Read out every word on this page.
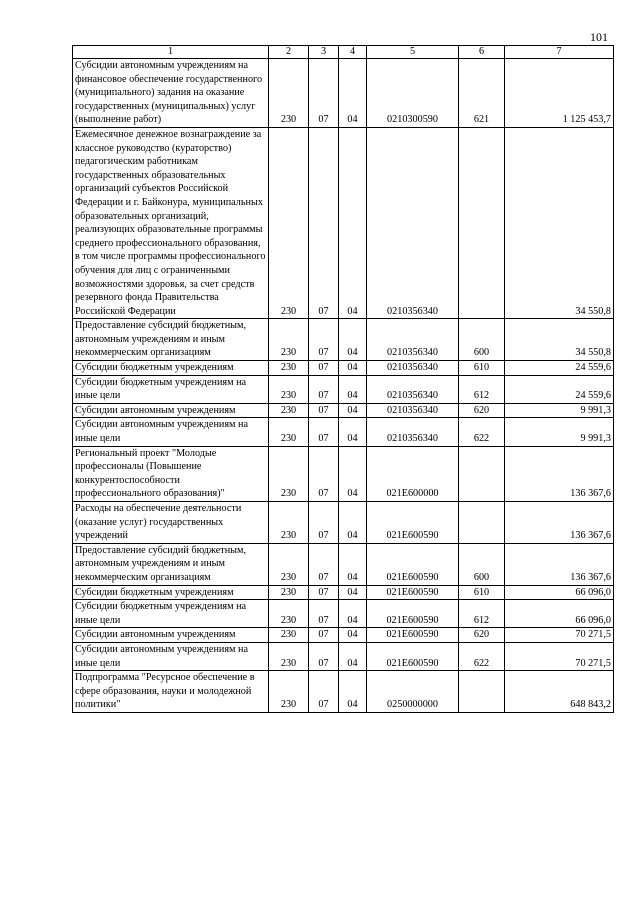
101
1	2	3	4	5	6	7
Субсидии автономным учреждениям на финансовое обеспечение государственного (муниципального) задания на оказание государственных (муниципальных) услуг (выполнение работ)	230	07	04	0210300590	621	1 125 453,7
Ежемесячное денежное вознаграждение за классное руководство (кураторство) педагогическим работникам государственных образовательных организаций субъектов Российской Федерации и г. Байконура, муниципальных образовательных организаций, реализующих образовательные программы среднего профессионального образования, в том числе программы профессионального обучения для лиц с ограниченными возможностями здоровья, за счет средств резервного фонда Правительства Российской Федерации	230	07	04	0210356340		34 550,8
Предоставление субсидий бюджетным, автономным учреждениям и иным некоммерческим организациям	230	07	04	0210356340	600	34 550,8
Субсидии бюджетным учреждениям	230	07	04	0210356340	610	24 559,6
Субсидии бюджетным учреждениям на иные цели	230	07	04	0210356340	612	24 559,6
Субсидии автономным учреждениям	230	07	04	0210356340	620	9 991,3
Субсидии автономным учреждениям на иные цели	230	07	04	0210356340	622	9 991,3
Региональный проект "Молодые профессионалы (Повышение конкурентоспособности профессионального образования)"	230	07	04	021E600000		136 367,6
Расходы на обеспечение деятельности (оказание услуг) государственных учреждений	230	07	04	021E600590		136 367,6
Предоставление субсидий бюджетным, автономным учреждениям и иным некоммерческим организациям	230	07	04	021E600590	600	136 367,6
Субсидии бюджетным учреждениям	230	07	04	021E600590	610	66 096,0
Субсидии бюджетным учреждениям на иные цели	230	07	04	021E600590	612	66 096,0
Субсидии автономным учреждениям	230	07	04	021E600590	620	70 271,5
Субсидии автономным учреждениям на иные цели	230	07	04	021E600590	622	70 271,5
Подпрограмма "Ресурсное обеспечение в сфере образования, науки и молодежной политики"	230	07	04	0250000000		648 843,2
